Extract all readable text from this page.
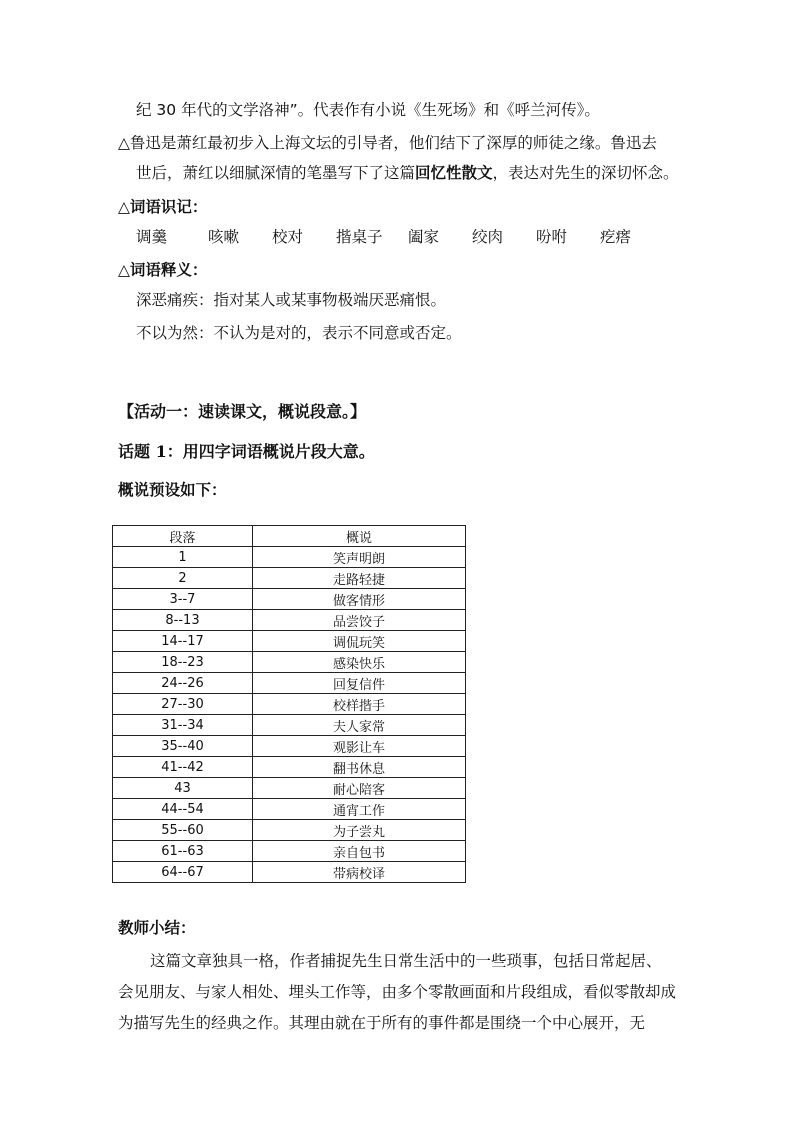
纪 30 年代的文学洛神”。代表作有小说《生死场》和《呼兰河传》。
△鲁迅是萧红最初步入上海文坛的引导者，他们结下了深厚的师徒之缘。鲁迅去
世后，萧红以细腻深情的笔墨写下了这篇回忆性散文，表达对先生的深切怀念。
△词语识记：
调羹	咳嗽 校对 揩桌子 阖家 绞肉 吩咐 疙瘩
△词语释义：
深恶痛疾：指对某人或某事物极端厌恶痛恨。
不以为然：不认为是对的，表示不同意或否定。
【活动一：速读课文，概说段意。】
话题 1：用四字词语概说片段大意。
概说预设如下：
段落	概说
1	笑声明朗
2	走路轻捷
3--7	做客情形
8--13	品尝饺子
14--17	调侃玩笑
18--23	感染快乐
24--26	回复信件
27--30	校样揩手
31--34	夫人家常
35--40	观影让车
41--42	翻书休息
43	耐心陪客
44--54	通宵工作
55--60	为子尝丸
61--63	亲自包书
64--67	带病校译
教师小结：
这篇文章独具一格，作者捕捉先生日常生活中的一些琐事，包括日常起居、
会见朋友、与家人相处、埋头工作等，由多个零散画面和片段组成，看似零散却成
为描写先生的经典之作。其理由就在于所有的事件都是围绕一个中心展开，无
